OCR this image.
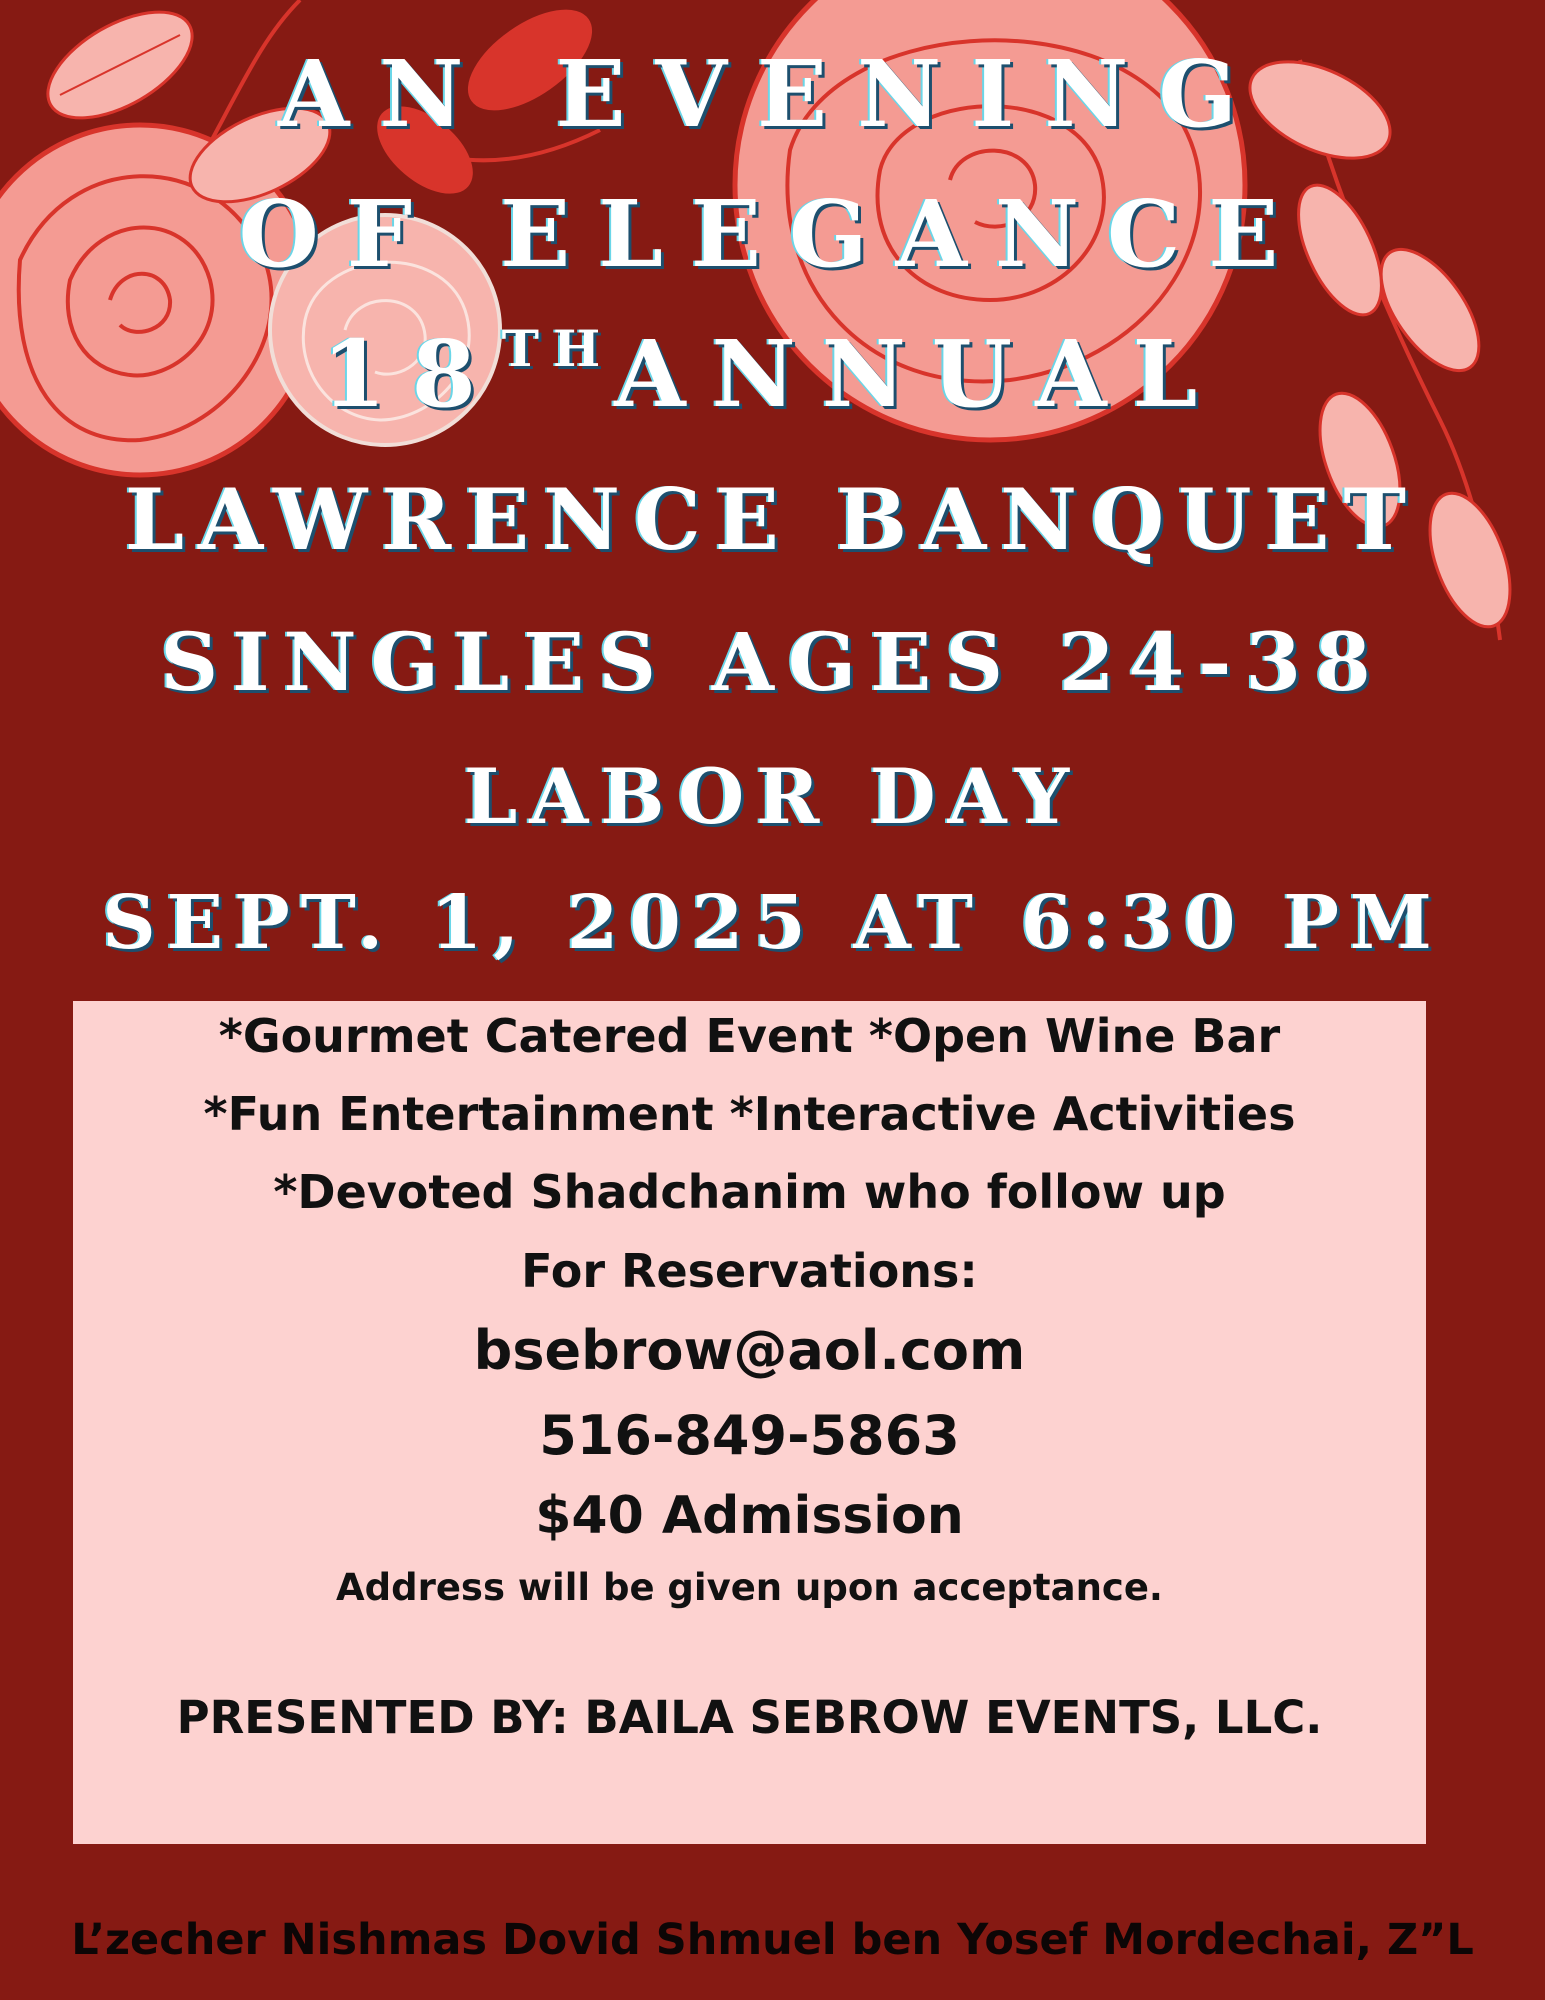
AN EVENING
OF ELEGANCE
18THANNUAL
LAWRENCE BANQUET
SINGLES AGES 24-38
LABOR DAY
SEPT. 1, 2025 AT 6:30 PM
*Gourmet Catered Event *Open Wine Bar
*Fun Entertainment *Interactive Activities
*Devoted Shadchanim who follow up
For Reservations:
bsebrow@aol.com
516-849-5863
$40 Admission
Address will be given upon acceptance.
PRESENTED BY: BAILA SEBROW EVENTS, LLC.
L’zecher Nishmas Dovid Shmuel ben Yosef Mordechai, Z”L
